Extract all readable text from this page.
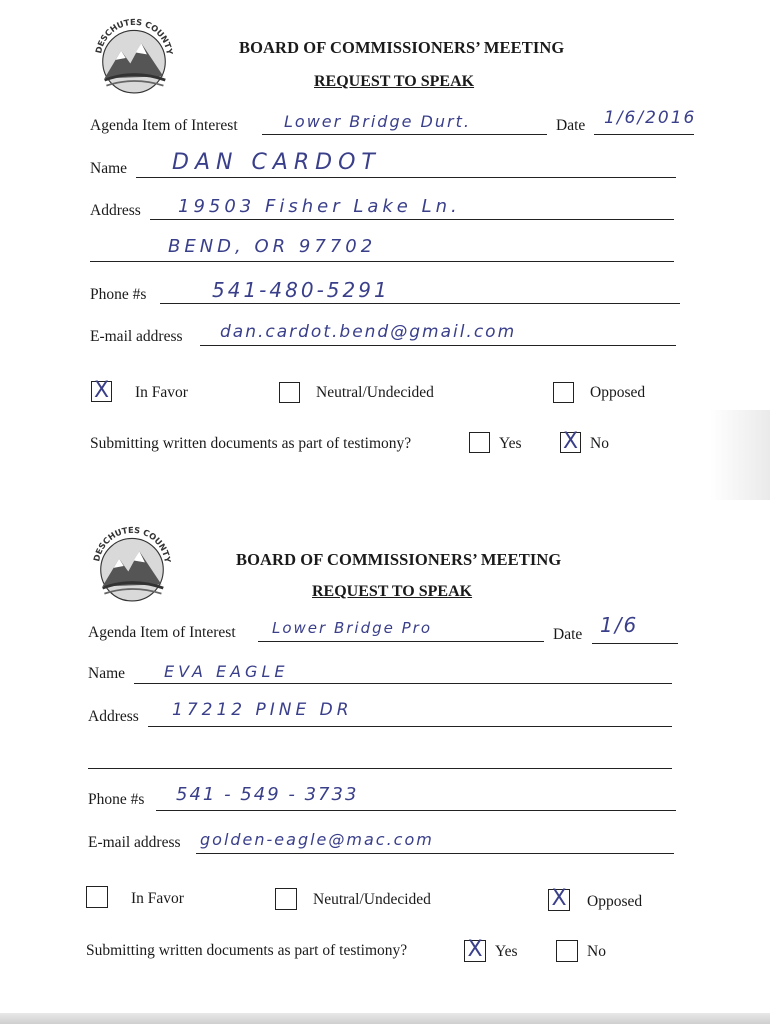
DESCHUTES COUNTY	BOARD OF COMMISSIONERS’ MEETING
REQUEST TO SPEAK
Agenda Item of Interest	Lower Bridge Durt.	Date 1/6/2016
Name DAN CARDOT
Address 19503 Fisher Lake Ln.
BEND, OR 97702
Phone #s	541-480-5291
E-mail address dan.cardot.bend@gmail.com
X In Favor	Neutral/Undecided	Opposed
Submitting written documents as part of testimony?	Yes X No
DESCHUTES COUNTY	BOARD OF COMMISSIONERS’ MEETING
REQUEST TO SPEAK
Agenda Item of Interest Lower Bridge Pro	Date 1/6
Name EVA EAGLE
Address 17212 PINE DR
Phone #s 541 - 549 - 3733
E-mail address golden-eagle@mac.com
In Favor	Neutral/Undecided	X Opposed
Submitting written documents as part of testimony?	X Yes	No
